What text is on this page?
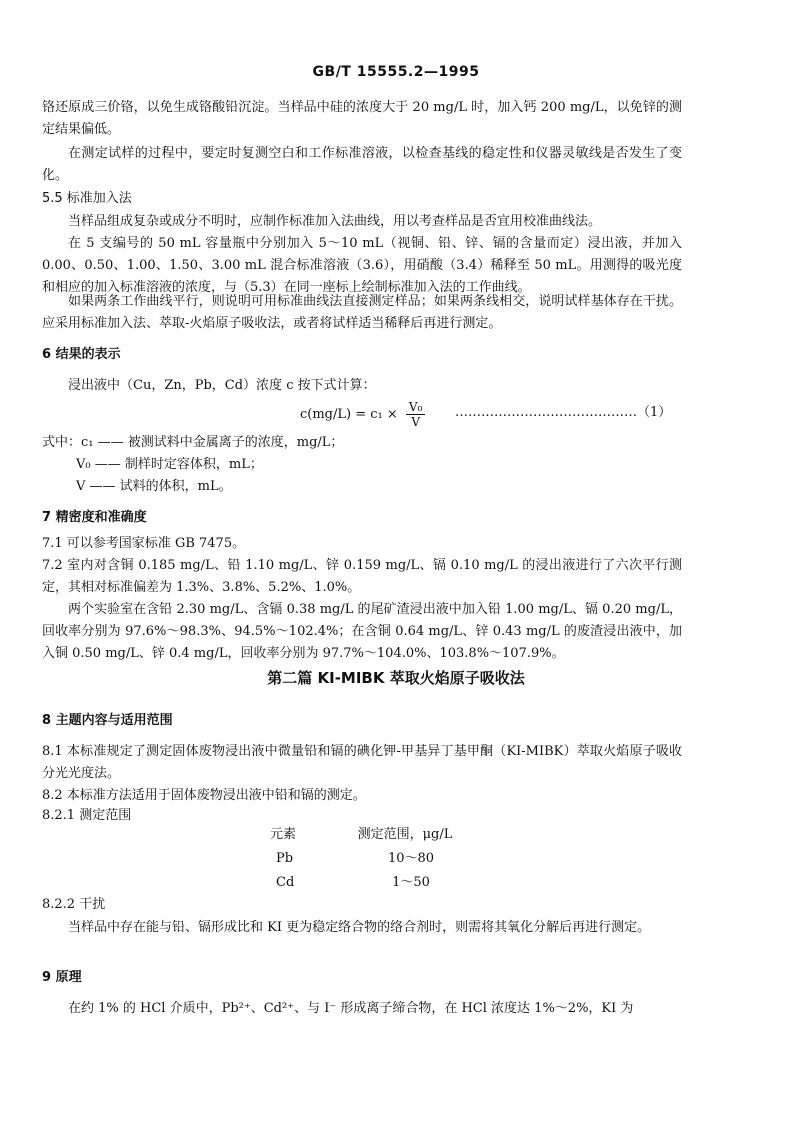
GB/T 15555.2—1995
铬还原成三价铬，以免生成铬酸铅沉淀。当样品中硅的浓度大于 20 mg/L 时，加入钙 200 mg/L，以免锌的测定结果偏低。
在测定试样的过程中，要定时复测空白和工作标准溶液，以检查基线的稳定性和仪器灵敏线是否发生了变化。
5.5 标准加入法
当样品组成复杂或成分不明时，应制作标准加入法曲线，用以考查样品是否宜用校准曲线法。
在 5 支编号的 50 mL 容量瓶中分别加入 5～10 mL（视铜、铅、锌、镉的含量而定）浸出液，并加入 0.00、0.50、1.00、1.50、3.00 mL 混合标准溶液（3.6），用硝酸（3.4）稀释至 50 mL。用测得的吸光度和相应的加入标准溶液的浓度，与（5.3）在同一座标上绘制标准加入法的工作曲线。
如果两条工作曲线平行，则说明可用标准曲线法直接测定样品；如果两条线相交，说明试样基体存在干扰。应采用标准加入法、萃取-火焰原子吸收法，或者将试样适当稀释后再进行测定。
6 结果的表示
浸出液中（Cu，Zn，Pb，Cd）浓度 c 按下式计算：
$c(mg/L) = c_1 \times \frac{\text{V₀}}{V}$ ……………………………………（1）
式中：c₁ —— 被测试料中金属离子的浓度，mg/L；
V₀ —— 制样时定容体积，mL；
V —— 试料的体积，mL。
7 精密度和准确度
7.1 可以参考国家标准 GB 7475。
7.2 室内对含铜 0.185 mg/L、铅 1.10 mg/L、锌 0.159 mg/L、镉 0.10 mg/L 的浸出液进行了六次平行测定，其相对标准偏差为 1.3%、3.8%、5.2%、1.0%。
两个实验室在含铅 2.30 mg/L、含镉 0.38 mg/L 的尾矿渣浸出液中加入铅 1.00 mg/L、镉 0.20 mg/L，回收率分别为 97.6%～98.3%、94.5%～102.4%；在含铜 0.64 mg/L、锌 0.43 mg/L 的废渣浸出液中，加入铜 0.50 mg/L、锌 0.4 mg/L，回收率分别为 97.7%～104.0%、103.8%～107.9%。
第二篇 KI-MIBK 萃取火焰原子吸收法
8 主题内容与适用范围
8.1 本标准规定了测定固体废物浸出液中微量铅和镉的碘化钾-甲基异丁基甲酮（KI-MIBK）萃取火焰原子吸收分光光度法。
8.2 本标准方法适用于固体废物浸出液中铅和镉的测定。
8.2.1 测定范围
元素	测定范围，μg/L
Pb	10～80
Cd	1～50
8.2.2 干扰
当样品中存在能与铅、镉形成比和 KI 更为稳定络合物的络合剂时，则需将其氧化分解后再进行测定。
9 原理
在约 1% 的 HCl 介质中，Pb²⁺、Cd²⁺、与 I⁻ 形成离子缔合物，在 HCl 浓度达 1%～2%，KI 为
